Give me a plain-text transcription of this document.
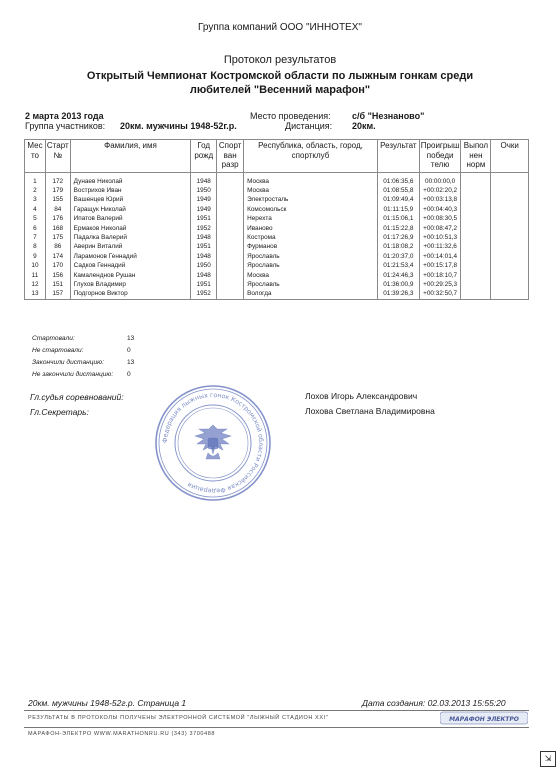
Группа компаний ООО "ИННОТЕХ"
Протокол результатов
Открытый Чемпионат Костромской области по лыжным гонкам среди
любителей "Весенний марафон"
2 марта 2013 года
Группа участников: 20км. мужчины 1948-52г.р.
Место проведения: с/б "Незнаново"
Дистанция: 20км.
Мес то	Старт №	Фамилия, имя	Год рожд	Спорт ван разр	Республика, область, город, спортклуб	Результат	Проигрыш победи телю	Выпол нен норм	Очки
1	172	Дунаев Николай	1948		Москва	01:06:35,6	00:00:00,0		
2	179	Вострихов Иван	1950		Москва	01:08:55,8	+00:02:20,2		
3	155	Вашенцев Юрий	1949		Электросталь	01:09:49,4	+00:03:13,8		
4	84	Гаращук Николай	1949		Комсомольск	01:11:15,9	+00:04:40,3		
5	176	Ипатов Валерий	1951		Нерехта	01:15:06,1	+00:08:30,5		
6	168	Ермаков Николай	1952		Иваново	01:15:22,8	+00:08:47,2		
7	175	Падалка Валерий	1948		Кострома	01:17:26,9	+00:10:51,3		
8	86	Аверин Виталий	1951		Фурманов	01:18:08,2	+00:11:32,6		
9	174	Ларамонов Геннадий	1948		Ярославль	01:20:37,0	+00:14:01,4		
10	170	Садков Геннадий	1950		Ярославль	01:21:53,4	+00:15:17,8		
11	156	Камаленднов Рушан	1948		Москва	01:24:46,3	+00:18:10,7		
12	151	Глухов Владимир	1951		Ярославль	01:36:00,9	+00:29:25,3		
13	157	Подгорнов Виктор	1952		Вологда	01:39:26,3	+00:32:50,7		
Стартовали:	13
Не стартовали:	0
Закончили дистанцию:	13
Не закончили дистанцию: 0
Гл.судья соревнований:	Лохов Игорь Александрович
Гл.Секретарь:	Лохова Светлана Владимировна
Федерация лыжных гонок Костромской области Российская Федерация
20км. мужчины 1948-52г.р. Страница 1	Дата создания: 02.03.2013 15:55:20
РЕЗУЛЬТАТЫ В ПРОТОКОЛЫ ПОЛУЧЕНЫ ЭЛЕКТРОННОЙ СИСТЕМОЙ "ЛЫЖНЫЙ СТАДИОН XXI"
МАРАФОН-ЭЛЕКТРО WWW.MARATHONRU.RU (343) 3700488
МАРАФОН ЭЛЕКТРО
⇲
